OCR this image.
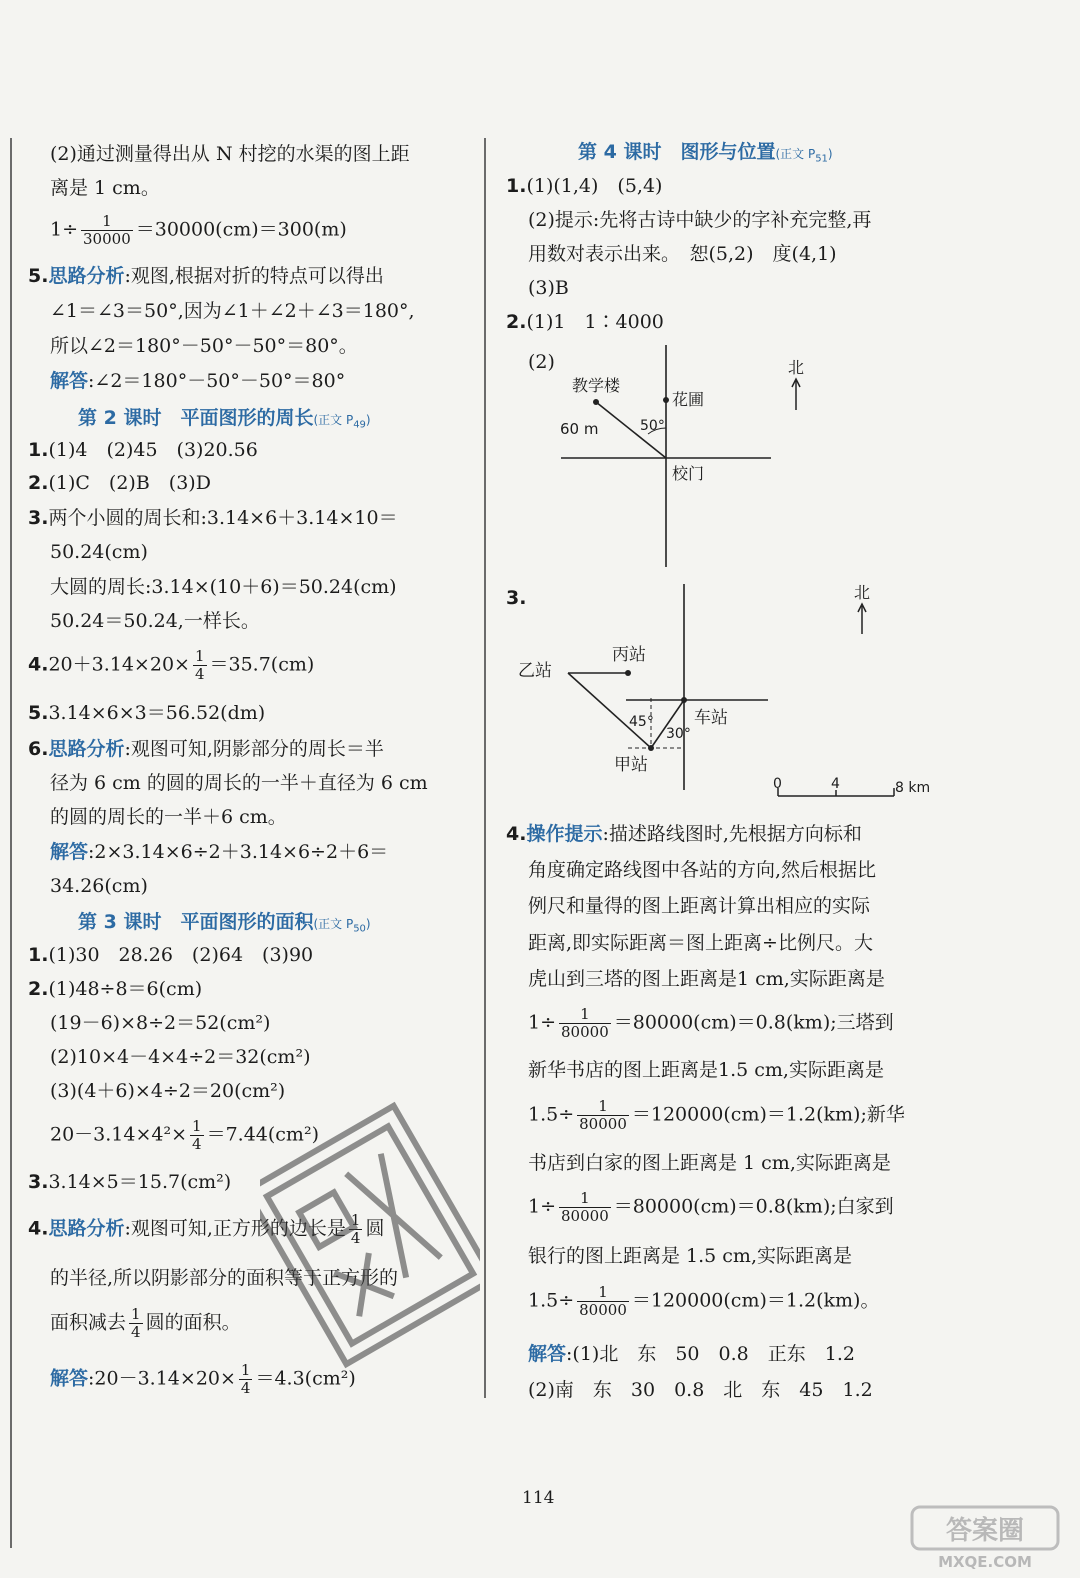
(2)通过测量得出从 N 村挖的水渠的图上距
离是 1 cm。
$1\div \frac{1}{30000} =30000(cm)=300(m)$
5.思路分析:观图,根据对折的特点可以得出
∠1＝∠3＝50°,因为∠1＋∠2＋∠3＝180°,
所以∠2＝180°－50°－50°＝80°。
解答:∠2＝180°－50°－50°＝80°
第 2 课时　平面图形的周长(正文 $P_{49}$)
1.(1)4　(2)45　(3)20.56
2.(1)C　(2)B　(3)D
3.两个小圆的周长和:3.14×6＋3.14×10＝
50.24(cm)
大圆的周长:3.14×(10＋6)＝50.24(cm)
50.24＝50.24,一样长。
$4.20+3.14\times 20\times \frac{1}{4} =35.7(cm)$
5.3.14×6×3＝56.52(dm)
6.思路分析:观图可知,阴影部分的周长＝半
径为 6 cm 的圆的周长的一半＋直径为 6 cm
的圆的周长的一半＋6 cm。
解答:2×3.14×6÷2＋3.14×6÷2＋6＝
34.26(cm)
第 3 课时　平面图形的面积(正文 $P_{50}$)
1.(1)30　28.26　(2)64　(3)90
2.(1)48÷8＝6(cm)
(19－6)×8÷2＝52(cm²)
(2)10×4－4×4÷2＝32(cm²)
(3)(4＋6)×4÷2＝20(cm²)
$20-3.14\times 4^2\times \frac{1}{4} =7.44(cm^2)$
3.3.14×5＝15.7(cm²)
4.思路分析:观图可知,正方形的边长是 $\frac{1}{4}$ 圆
的半径,所以阴影部分的面积等于正方形的
面积减去 $\frac{1}{4}$ 圆的面积。
解答:20－3.14×20× $\frac{1}{4} =4.3(cm^2)$
第 4 课时　图形与位置(正文 $P_{51}$)
1.(1)(1,4)　(5,4)
(2)提示:先将古诗中缺少的字补充完整,再
用数对表示出来。　恕(5,2)　度(4,1)
(3)B
2.(1)1　1∶4000
(2)
教学楼
花圃
60 m	50°
校门
北
3.
乙站
丙站
车站
甲站
45°
30°
北
0	4	8 km
4.操作提示:描述路线图时,先根据方向标和
角度确定路线图中各站的方向,然后根据比
例尺和量得的图上距离计算出相应的实际
距离,即实际距离＝图上距离÷比例尺。大
虎山到三塔的图上距离是1 cm,实际距离是
$1\div \frac{1}{80000} =80000(cm)=0.8(km)$;三塔到
新华书店的图上距离是1.5 cm,实际距离是
$1.5\div \frac{1}{80000} =120000(cm)=1.2(km)$;新华
书店到白家的图上距离是 1 cm,实际距离是
$1\div \frac{1}{80000} =80000(cm)=0.8(km)$;白家到
银行的图上距离是 1.5 cm,实际距离是
$1.5\div \frac{1}{80000} =120000(cm)=1.2(km)$。
解答:(1)北　东　50　0.8　正东　1.2
(2)南　东　30　0.8　北　东　45　1.2
114
答案圈
MXQE.COM
